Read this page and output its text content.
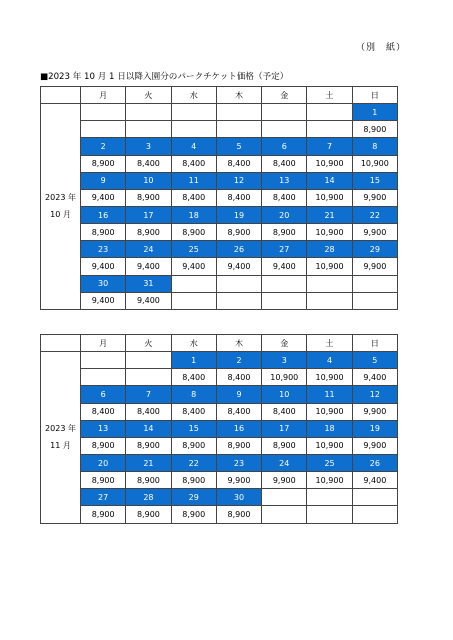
（別　紙）
■2023 年 10 月 1 日以降入園分のパークチケット価格（予定）
	月	火	水	木	金	土	日

2023 年
10 月							1
							8,900
	2	3	4	5	6	7	8
	8,900	8,400	8,400	8,400	8,400	10,900	10,900
	9	10	11	12	13	14	15
	9,400	8,900	8,400	8,400	8,400	10,900	9,900
	16	17	18	19	20	21	22
	8,900	8,900	8,900	8,900	8,900	10,900	9,900
	23	24	25	26	27	28	29
	9,400	9,400	9,400	9,400	9,400	10,900	9,900
	30	31					
	9,400	9,400					
	月	火	水	木	金	土	日

2023 年
11 月			1	2	3	4	5
			8,400	8,400	10,900	10,900	9,400
	6	7	8	9	10	11	12
	8,400	8,400	8,400	8,400	8,400	10,900	9,900
	13	14	15	16	17	18	19
	8,900	8,900	8,900	8,900	8,900	10,900	9,900
	20	21	22	23	24	25	26
	8,900	8,900	8,900	9,900	9,900	10,900	9,400
	27	28	29	30			
	8,900	8,900	8,900	8,900			
